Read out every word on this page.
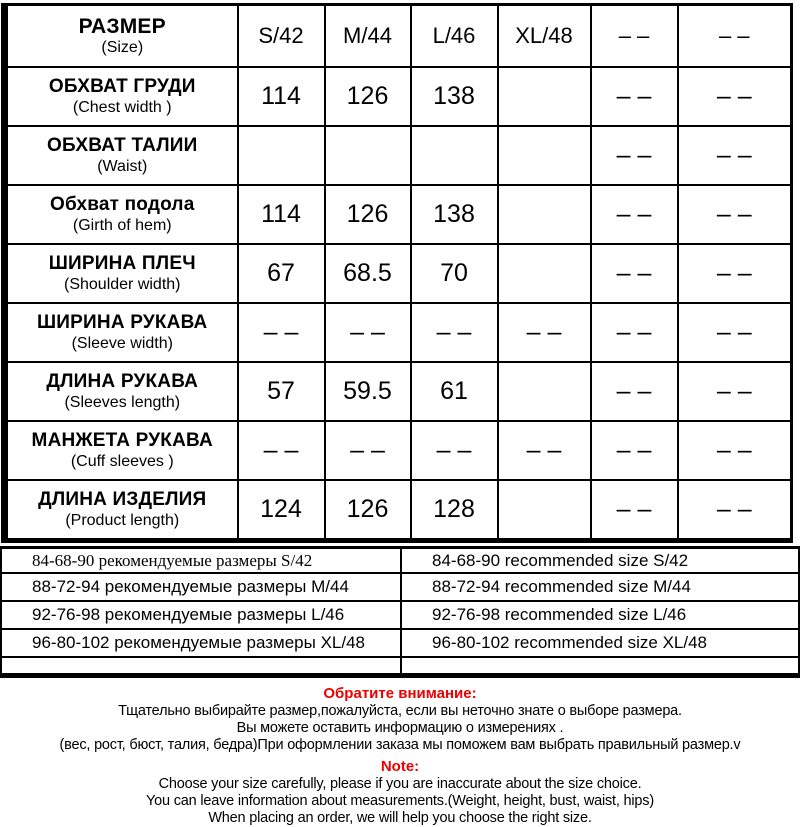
РАЗМЕР
(Size)	S/42	M/44	L/46	XL/48	– –	– –

ОБХВАТ ГРУДИ
(Chest width )	114	126	138		– –	– –

ОБХВАТ ТАЛИИ
(Waist)					– –	– –

Обхват подола
(Girth of hem)	114	126	138		– –	– –

ШИРИНА ПЛЕЧ
(Shoulder width)	67	68.5	70		– –	– –

ШИРИНА РУКАВА
(Sleeve width)	– –	– –	– –	– –	– –	– –

ДЛИНА РУКАВА
(Sleeves length)	57	59.5	61		– –	– –

МАНЖЕТА РУКАВА
(Cuff sleeves )	– –	– –	– –	– –	– –	– –

ДЛИНА ИЗДЕЛИЯ
(Product length)	124	126	128		– –	– –
84-68-90 рекомендуемые размеры S/42	84-68-90 recommended size S/42
88-72-94 рекомендуемые размеры M/44	88-72-94 recommended size M/44
92-76-98 рекомендуемые размеры L/46	92-76-98 recommended size L/46
96-80-102 рекомендуемые размеры XL/48	96-80-102 recommended size XL/48

Обратите внимание:
Тщательно выбирайте размер,пожалуйста, если вы неточно знате о выборе размера.
Вы можете оставить информацию о измерениях .
(вес, рост, бюст, талия, бедра)При оформлении заказа мы поможем вам выбрать правильный размер.v
Note:
Choose your size carefully, please if you are inaccurate about the size choice.
You can leave information about measurements.(Weight, height, bust, waist, hips)
When placing an order, we will help you choose the right size.
